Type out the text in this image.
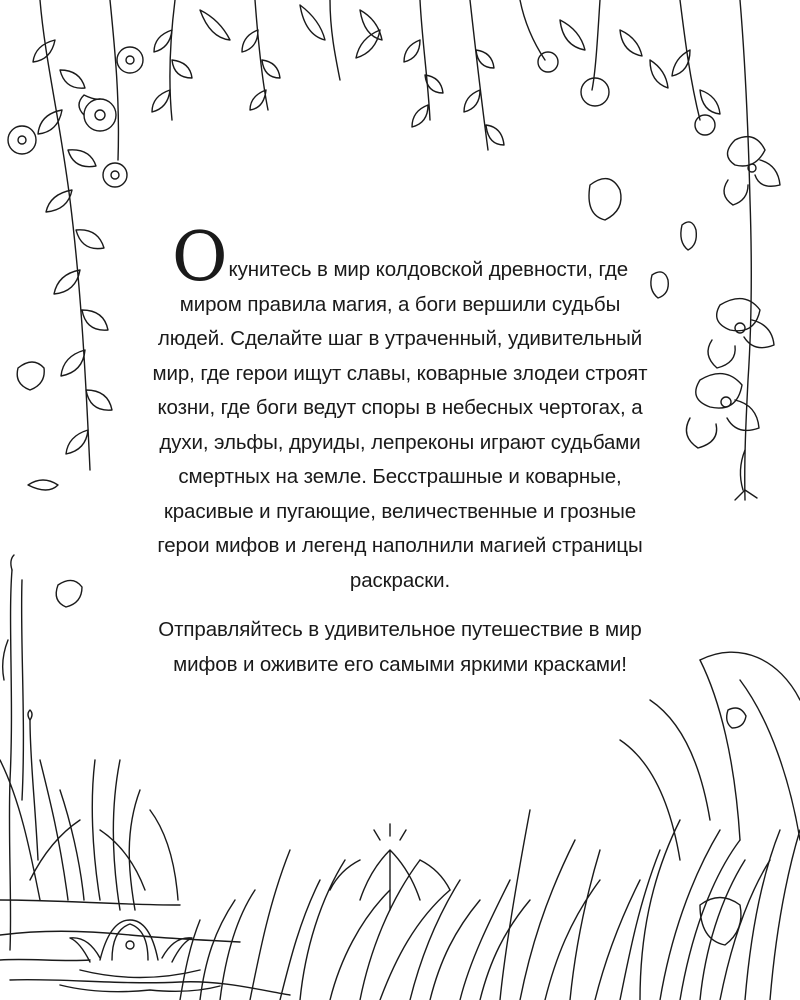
Окунитесь в мир колдовской древности, где миром правила магия, а боги вершили судьбы людей. Сделайте шаг в утраченный, удивительный мир, где герои ищут славы, коварные злодеи строят козни, где боги ведут споры в небесных чертогах, а духи, эльфы, друиды, лепреконы играют судьбами смертных на земле. Бесстрашные и коварные, красивые и пугающие, величественные и грозные герои мифов и легенд наполнили магией страницы раскраски.

Отправляйтесь в удивительное путешествие в мир мифов и оживите его самыми яркими красками!
